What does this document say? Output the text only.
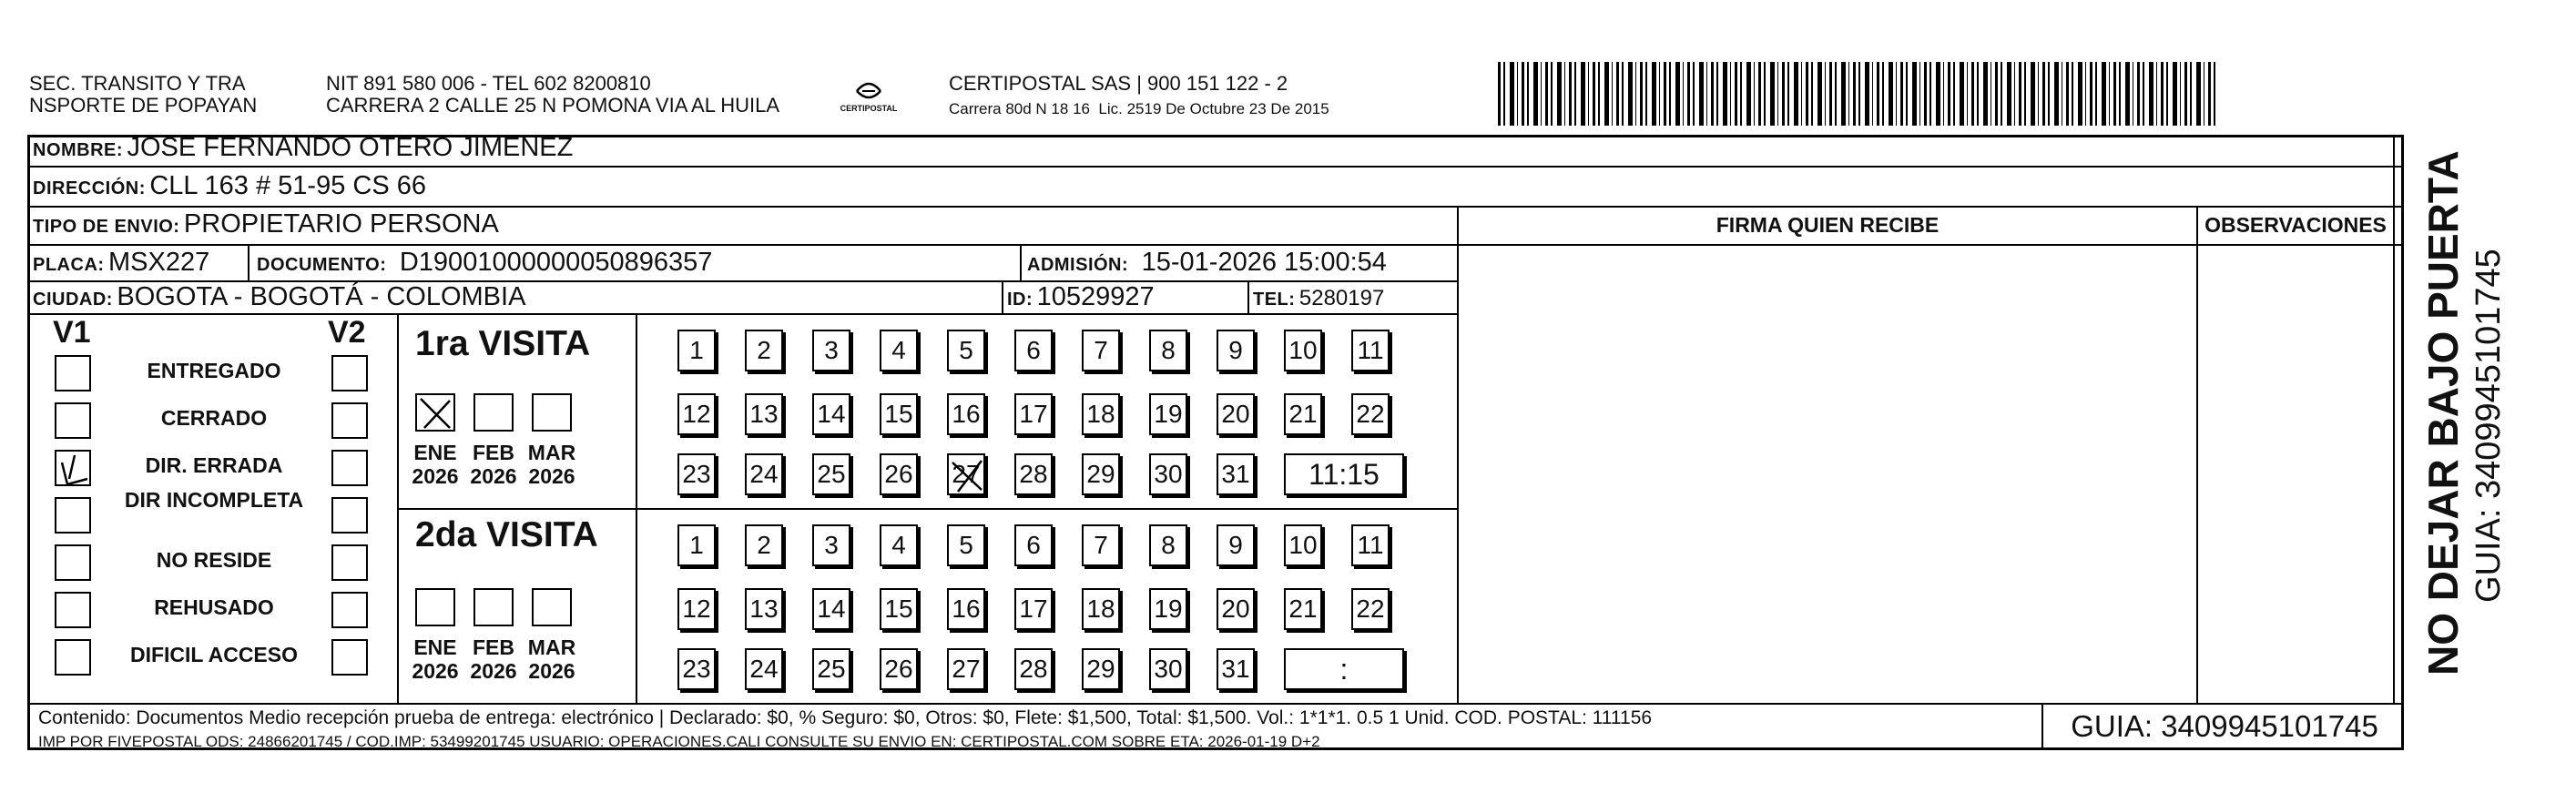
SEC. TRANSITO Y TRA
NSPORTE DE POPAYAN
NIT 891 580 006 - TEL 602 8200810
CARRERA 2 CALLE 25 N POMONA VIA AL HUILA	CERTIPOSTAL
CERTIPOSTAL SAS | 900 151 122 - 2
Carrera 80d N 18 16  Lic. 2519 De Octubre 23 De 2015
NOMBRE: JOSE FERNANDO OTERO JIMENEZ
DIRECCIÓN: CLL 163 # 51-95 CS 66
TIPO DE ENVIO: PROPIETARIO PERSONA
PLACA: MSX227	DOCUMENTO: D19001000000050896357	ADMISIÓN: 15-01-2026 15:00:54
CIUDAD: BOGOTA - BOGOTÁ - COLOMBIA	ID: 10529927	TEL: 5280197
FIRMA QUIEN RECIBE	OBSERVACIONES
V1	V2
ENTREGADO
CERRADO
DIR. ERRADA
DIR INCOMPLETA
NO RESIDE
REHUSADO
DIFICIL ACCESO
1ra VISITA
2da VISITA
ENE
2026
FEB
2026
MAR
2026
1	2	3	4	5	6	7	8	9	10 11
12 13 14 15 16 17 18 19 20 21 22
23 24 25 26 27 28 29 30 31	11:15
ENE
2026
FEB
2026
MAR
2026
1	2	3	4	5	6	7	8	9	10 11
12 13 14 15 16 17 18 19 20 21 22
23 24 25 26 27 28 29 30 31	:
Contenido: Documentos Medio recepción prueba de entrega: electrónico | Declarado: $0, % Seguro: $0, Otros: $0, Flete: $1,500, Total: $1,500. Vol.: 1*1*1. 0.5 1 Unid. COD. POSTAL: 111156
IMP POR FIVEPOSTAL ODS: 24866201745 / COD.IMP: 53499201745 USUARIO: OPERACIONES.CALI CONSULTE SU ENVIO EN: CERTIPOSTAL.COM SOBRE ETA: 2026-01-19 D+2	GUIA: 3409945101745
NO DEJAR BAJO PUERTA GUIA: 3409945101745
